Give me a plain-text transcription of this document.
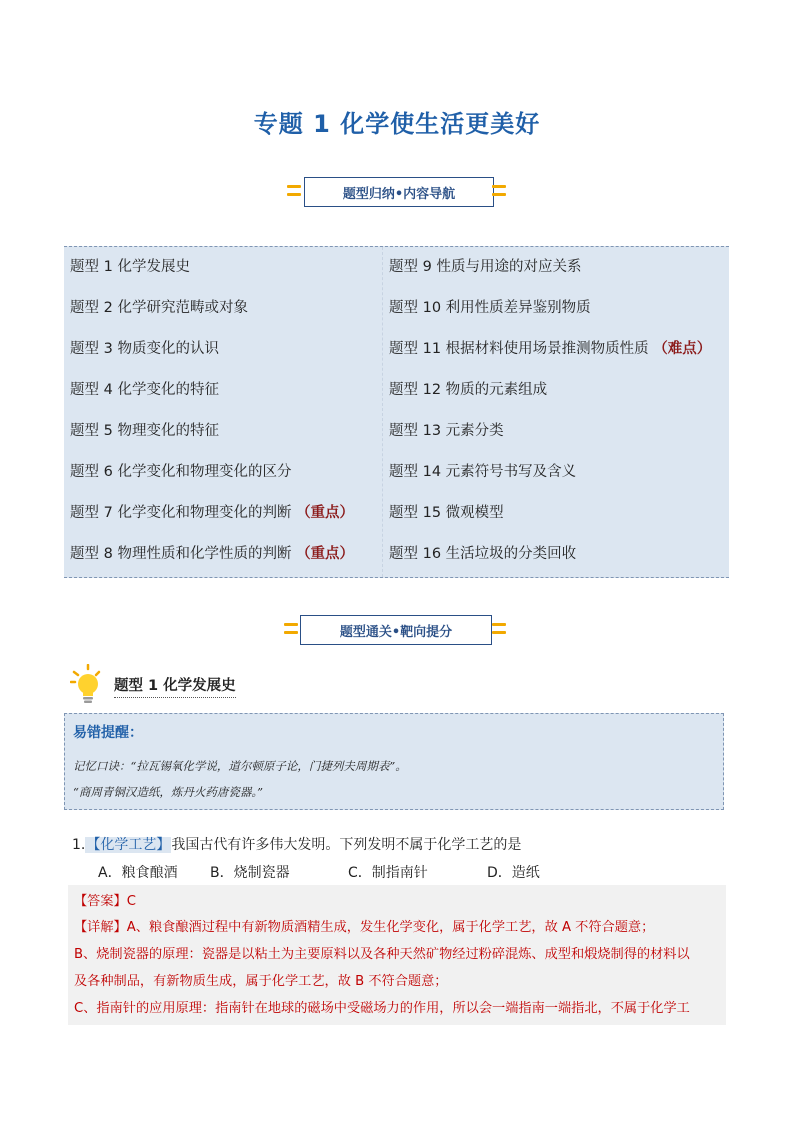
专题 1 化学使生活更美好
题型归纳•内容导航
题型 1 化学发展史
题型 2 化学研究范畴或对象
题型 3 物质变化的认识
题型 4 化学变化的特征
题型 5 物理变化的特征
题型 6 化学变化和物理变化的区分
题型 7 化学变化和物理变化的判断 （重点）
题型 8 物理性质和化学性质的判断 （重点）
题型 9 性质与用途的对应关系
题型 10 利用性质差异鉴别物质
题型 11 根据材料使用场景推测物质性质 （难点）
题型 12 物质的元素组成
题型 13 元素分类
题型 14 元素符号书写及含义
题型 15 微观模型
题型 16 生活垃圾的分类回收
题型通关•靶向提分
题型 1 化学发展史
易错提醒：
记忆口诀：“拉瓦锡氧化学说，道尔顿原子论，门捷列夫周期表”。
“商周青铜汉造纸，炼丹火药唐瓷器。”
1.【化学工艺】我国古代有许多伟大发明。下列发明不属于化学工艺的是
A．粮食酿酒 B．烧制瓷器	C．制指南针	D．造纸
【答案】C
【详解】A、粮食酿酒过程中有新物质酒精生成，发生化学变化，属于化学工艺，故 A 不符合题意；
B、烧制瓷器的原理：瓷器是以粘土为主要原料以及各种天然矿物经过粉碎混炼、成型和煅烧制得的材料以
及各种制品，有新物质生成，属于化学工艺，故 B 不符合题意；
C、指南针的应用原理：指南针在地球的磁场中受磁场力的作用，所以会一端指南一端指北，不属于化学工
